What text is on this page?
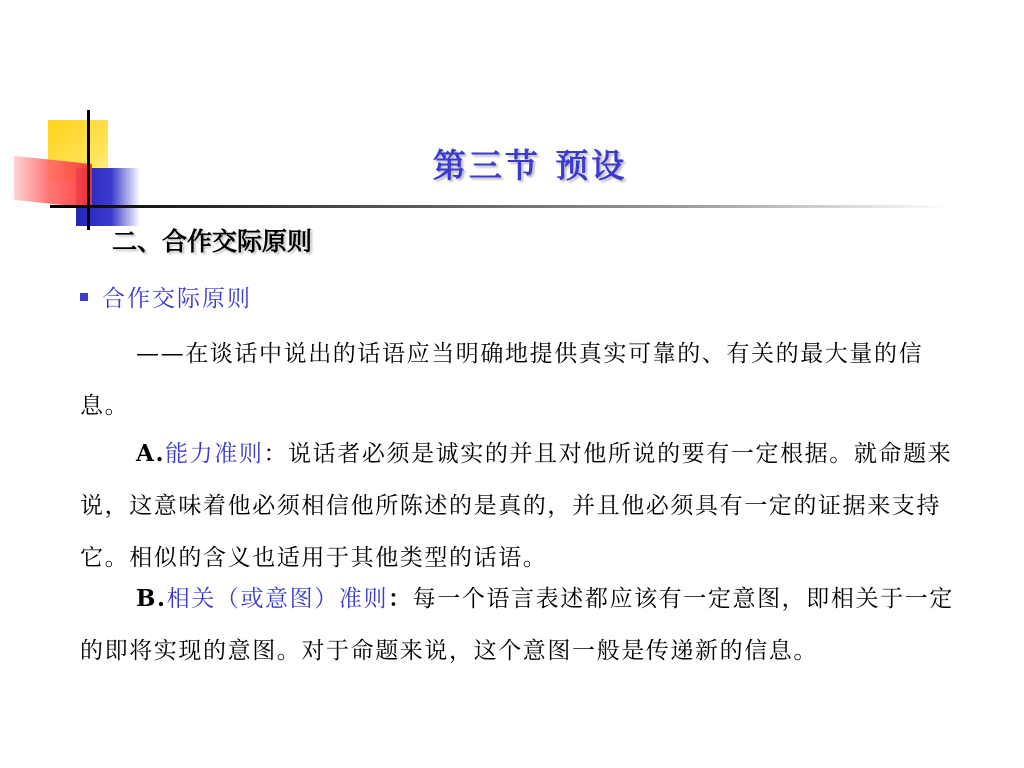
第三节 预设
二、合作交际原则
合作交际原则

——在谈话中说出的话语应当明确地提供真实可靠的、有关的最大量的信息。

A.能力准则：说话者必须是诚实的并且对他所说的要有一定根据。就命题来说，这意味着他必须相信他所陈述的是真的，并且他必须具有一定的证据来支持它。相似的含义也适用于其他类型的话语。

B.相关（或意图）准则：每一个语言表述都应该有一定意图，即相关于一定的即将实现的意图。对于命题来说，这个意图一般是传递新的信息。
